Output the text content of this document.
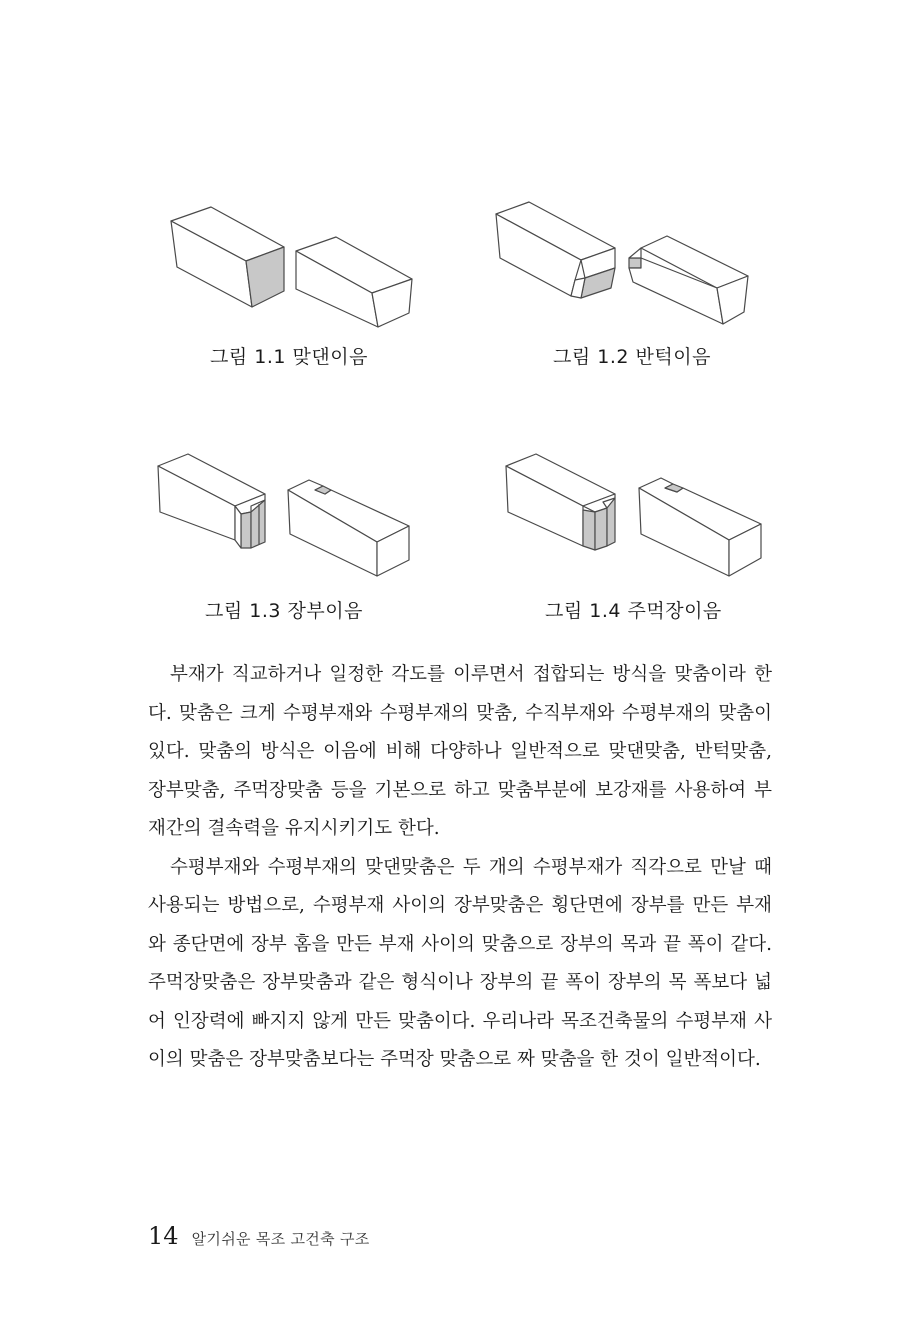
그림 1.1 맞댄이음	그림 1.2 반턱이음
그림 1.3 장부이음	그림 1.4 주먹장이음

부재가 직교하거나 일정한 각도를 이루면서 접합되는 방식을 맞춤이라 한다. 맞춤은 크게 수평부재와 수평부재의 맞춤, 수직부재와 수평부재의 맞춤이 있다. 맞춤의 방식은 이음에 비해 다양하나 일반적으로 맞댄맞춤, 반턱맞춤, 장부맞춤, 주먹장맞춤 등을 기본으로 하고 맞춤부분에 보강재를 사용하여 부재간의 결속력을 유지시키기도 한다.

수평부재와 수평부재의 맞댄맞춤은 두 개의 수평부재가 직각으로 만날 때 사용되는 방법으로, 수평부재 사이의 장부맞춤은 횡단면에 장부를 만든 부재와 종단면에 장부 홈을 만든 부재 사이의 맞춤으로 장부의 목과 끝 폭이 같다. 주먹장맞춤은 장부맞춤과 같은 형식이나 장부의 끝 폭이 장부의 목 폭보다 넓어 인장력에 빠지지 않게 만든 맞춤이다. 우리나라 목조건축물의 수평부재 사이의 맞춤은 장부맞춤보다는 주먹장 맞춤으로 짜 맞춤을 한 것이 일반적이다.

14 알기쉬운 목조 고건축 구조
